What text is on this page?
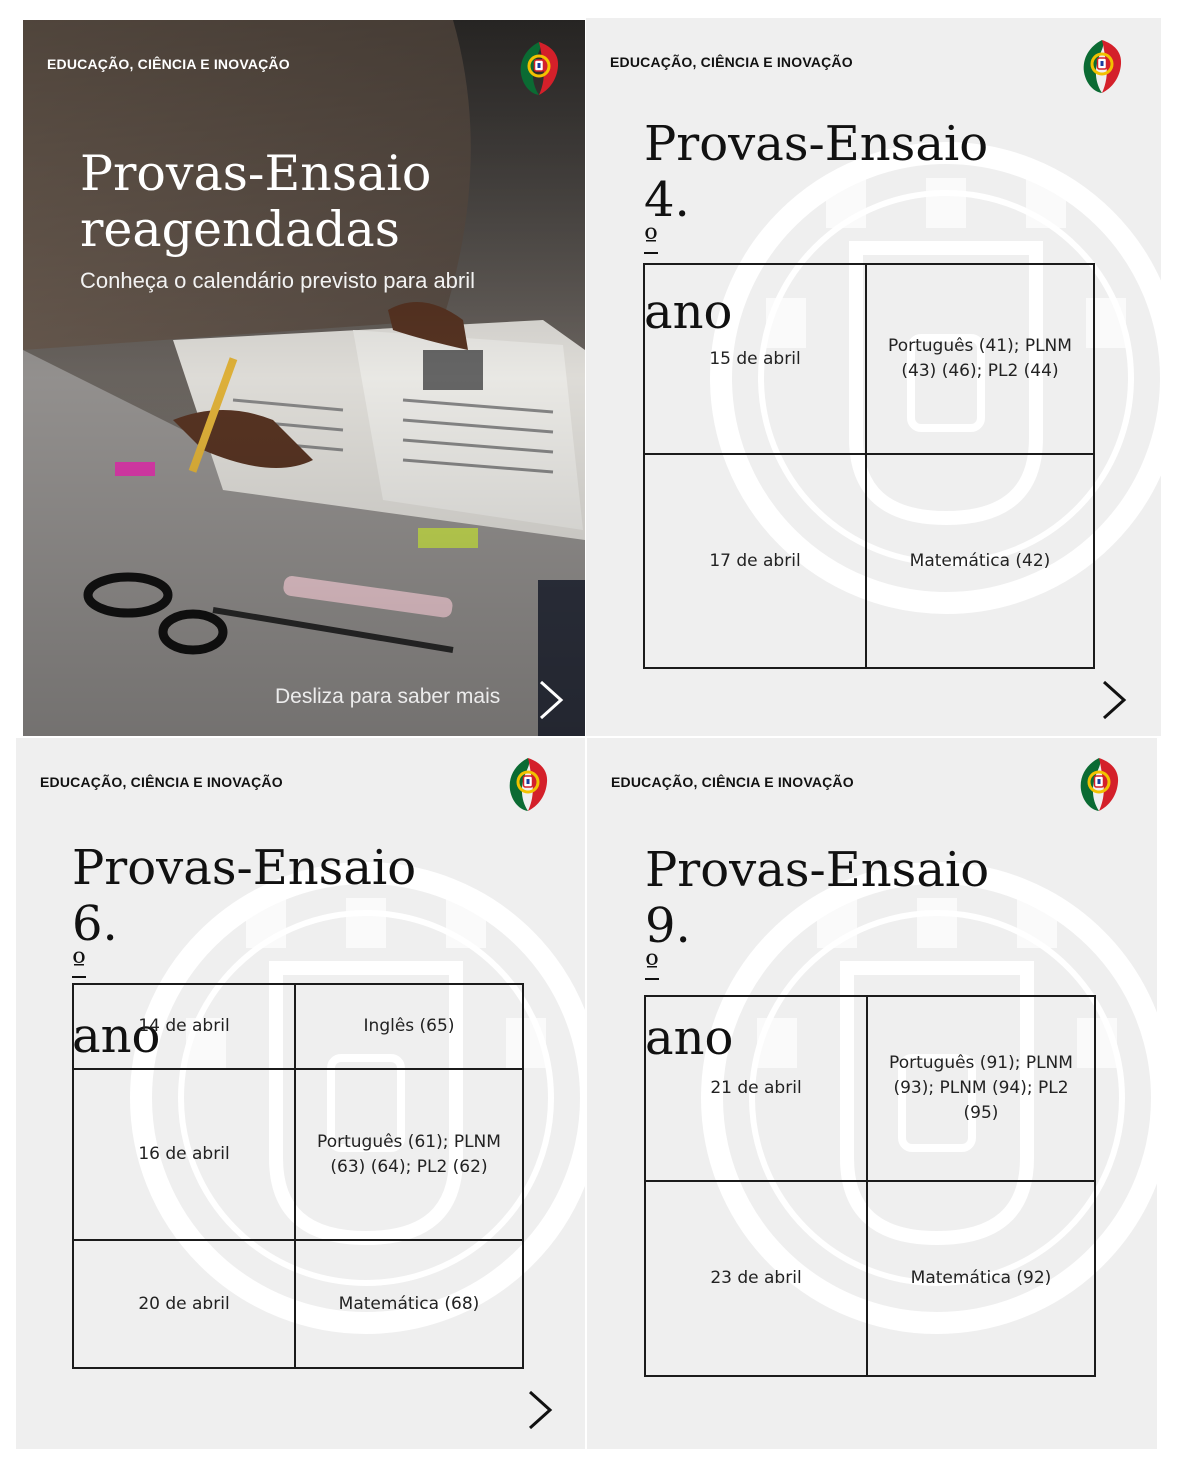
EDUCAÇÃO, CIÊNCIA E INOVAÇÃO
Provas-Ensaio
reagendadas
Conheça o calendário previsto para abril
Desliza para saber mais
EDUCAÇÃO, CIÊNCIA E INOVAÇÃO
Provas-Ensaio
4.
º
ano
15 de abril	Português (41); PLNM (43) (46); PL2 (44)
17 de abril	Matemática (42)
EDUCAÇÃO, CIÊNCIA E INOVAÇÃO
Provas-Ensaio
6.
º
ano
14 de abril	Inglês (65)
16 de abril	Português (61); PLNM (63) (64); PL2 (62)
20 de abril	Matemática (68)
EDUCAÇÃO, CIÊNCIA E INOVAÇÃO
Provas-Ensaio
9.
º
ano
21 de abril	Português (91); PLNM (93); PLNM (94); PL2 (95)
23 de abril	Matemática (92)
